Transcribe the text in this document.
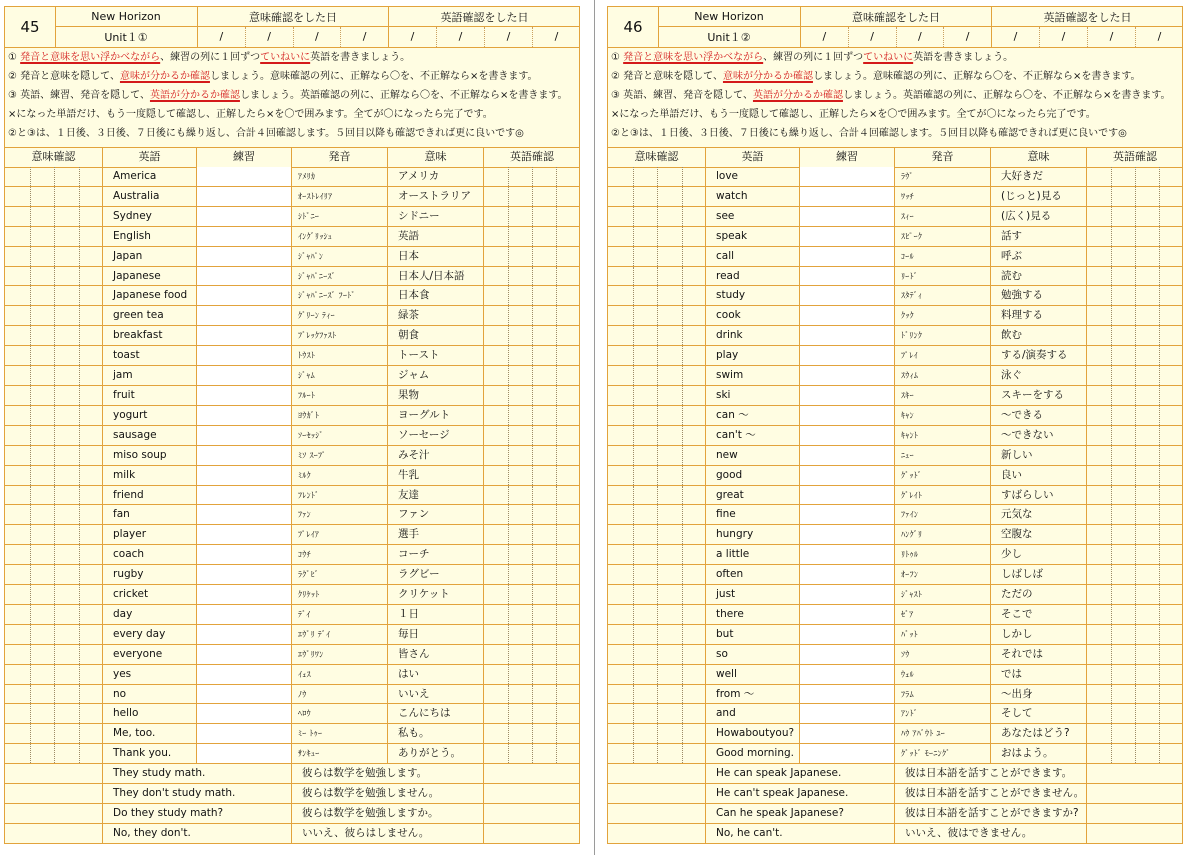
45
New Horizon
Unit１①
意味確認をした日	英語確認をした日
/	/	/	/	/	/	/	/
① 発音と意味を思い浮かべながら、練習の列に１回ずつていねいに英語を書きましょう。
② 発音と意味を隠して、意味が分かるか確認しましょう。意味確認の列に、正解なら〇を、不正解なら×を書きます。
③ 英語、練習、発音を隠して、英語が分かるか確認しましょう。英語確認の列に、正解なら〇を、不正解なら×を書きます。
×になった単語だけ、もう一度隠して確認し、正解したら×を〇で囲みます。全てが〇になったら完了です。
②と③は、１日後、３日後、７日後にも繰り返し、合計４回確認します。５回目以降も確認できれば更に良いです◎
意味確認	英語	練習	発音	意味	英語確認
America	ｱﾒﾘｶ	アメリカ
Australia	ｵｰｽﾄﾚｲﾘｱ	オーストラリア
Sydney	ｼﾄﾞﾆｰ	シドニー
English	ｲﾝｸﾞﾘｯｼｭ	英語
Japan	ｼﾞｬﾊﾟﾝ	日本
Japanese	ｼﾞｬﾊﾟﾆｰｽﾞ	日本人/日本語
Japanese food	ｼﾞｬﾊﾟﾆｰｽﾞ ﾌｰﾄﾞ	日本食
green tea	ｸﾞﾘｰﾝ ﾃｨｰ	緑茶
breakfast	ﾌﾞﾚｯｸﾌｧｽﾄ	朝食
toast	ﾄｳｽﾄ	トースト
jam	ｼﾞｬﾑ	ジャム
fruit	ﾌﾙｰﾄ	果物
yogurt	ﾖｳｶﾞﾄ	ヨーグルト
sausage	ｿｰｾｯｼﾞ	ソーセージ
miso soup	ﾐｿ ｽｰﾌﾟ	みそ汁
milk	ﾐﾙｸ	牛乳
friend	ﾌﾚﾝﾄﾞ	友達
fan	ﾌｧﾝ	ファン
player	ﾌﾟﾚｲｱ	選手
coach	ｺｳﾁ	コーチ
rugby	ﾗｸﾞﾋﾞ	ラグビー
cricket	ｸﾘｹｯﾄ	クリケット
day	ﾃﾞｲ	１日
every day	ｴｳﾞﾘ ﾃﾞｲ	毎日
everyone	ｴｳﾞﾘﾜﾝ	皆さん
yes	ｲｪｽ	はい
no	ﾉｳ	いいえ
hello	ﾍﾛｳ	こんにちは
Me, too.	ﾐｰ ﾄｩｰ	私も。
Thank you.	ｻﾝｷｭｰ	ありがとう。
They study math.	彼らは数学を勉強します。
They don't study math.	彼らは数学を勉強しません。
Do they study math?	彼らは数学を勉強しますか。
No, they don't.	いいえ、彼らはしません。
46
New Horizon
Unit１②
意味確認をした日	英語確認をした日
/	/	/	/	/	/	/	/
① 発音と意味を思い浮かべながら、練習の列に１回ずつていねいに英語を書きましょう。
② 発音と意味を隠して、意味が分かるか確認しましょう。意味確認の列に、正解なら〇を、不正解なら×を書きます。
③ 英語、練習、発音を隠して、英語が分かるか確認しましょう。英語確認の列に、正解なら〇を、不正解なら×を書きます。
×になった単語だけ、もう一度隠して確認し、正解したら×を〇で囲みます。全てが〇になったら完了です。
②と③は、１日後、３日後、７日後にも繰り返し、合計４回確認します。５回目以降も確認できれば更に良いです◎
意味確認	英語	練習	発音	意味	英語確認
love	ﾗｳﾞ	大好きだ
watch	ﾜｯﾁ	(じっと)見る
see	ｽｨｰ	(広く)見る
speak	ｽﾋﾟｰｸ	話す
call	ｺｰﾙ	呼ぶ
read	ﾘｰﾄﾞ	読む
study	ｽﾀﾃﾞｨ	勉強する
cook	ｸｯｸ	料理する
drink	ﾄﾞﾘﾝｸ	飲む
play	ﾌﾟﾚｲ	する/演奏する
swim	ｽｳｨﾑ	泳ぐ
ski	ｽｷｰ	スキーをする
can ～	ｷｬﾝ	～できる
can't ～	ｷｬﾝﾄ	～できない
new	ﾆｭｰ	新しい
good	ｸﾞｯﾄﾞ	良い
great	ｸﾞﾚｲﾄ	すばらしい
fine	ﾌｧｲﾝ	元気な
hungry	ﾊﾝｸﾞﾘ	空腹な
a little	ﾘﾄｩﾙ	少し
often	ｵｰﾌﾝ	しばしば
just	ｼﾞｬｽﾄ	ただの
there	ｾﾞｱ	そこで
but	ﾊﾞｯﾄ	しかし
so	ｿｳ	それでは
well	ｳｪﾙ	では
from ～	ﾌﾗﾑ	～出身
and	ｱﾝﾄﾞ	そして
Howaboutyou?	ﾊｳ ｱﾊﾞｳﾄ ﾕｰ	あなたはどう?
Good morning.	ｸﾞｯﾄﾞ ﾓｰﾆﾝｸﾞ	おはよう。
He can speak Japanese.	彼は日本語を話すことができます。
He can't speak Japanese.	彼は日本語を話すことができません。
Can he speak Japanese?	彼は日本語を話すことができますか?
No, he can't.	いいえ、彼はできません。
